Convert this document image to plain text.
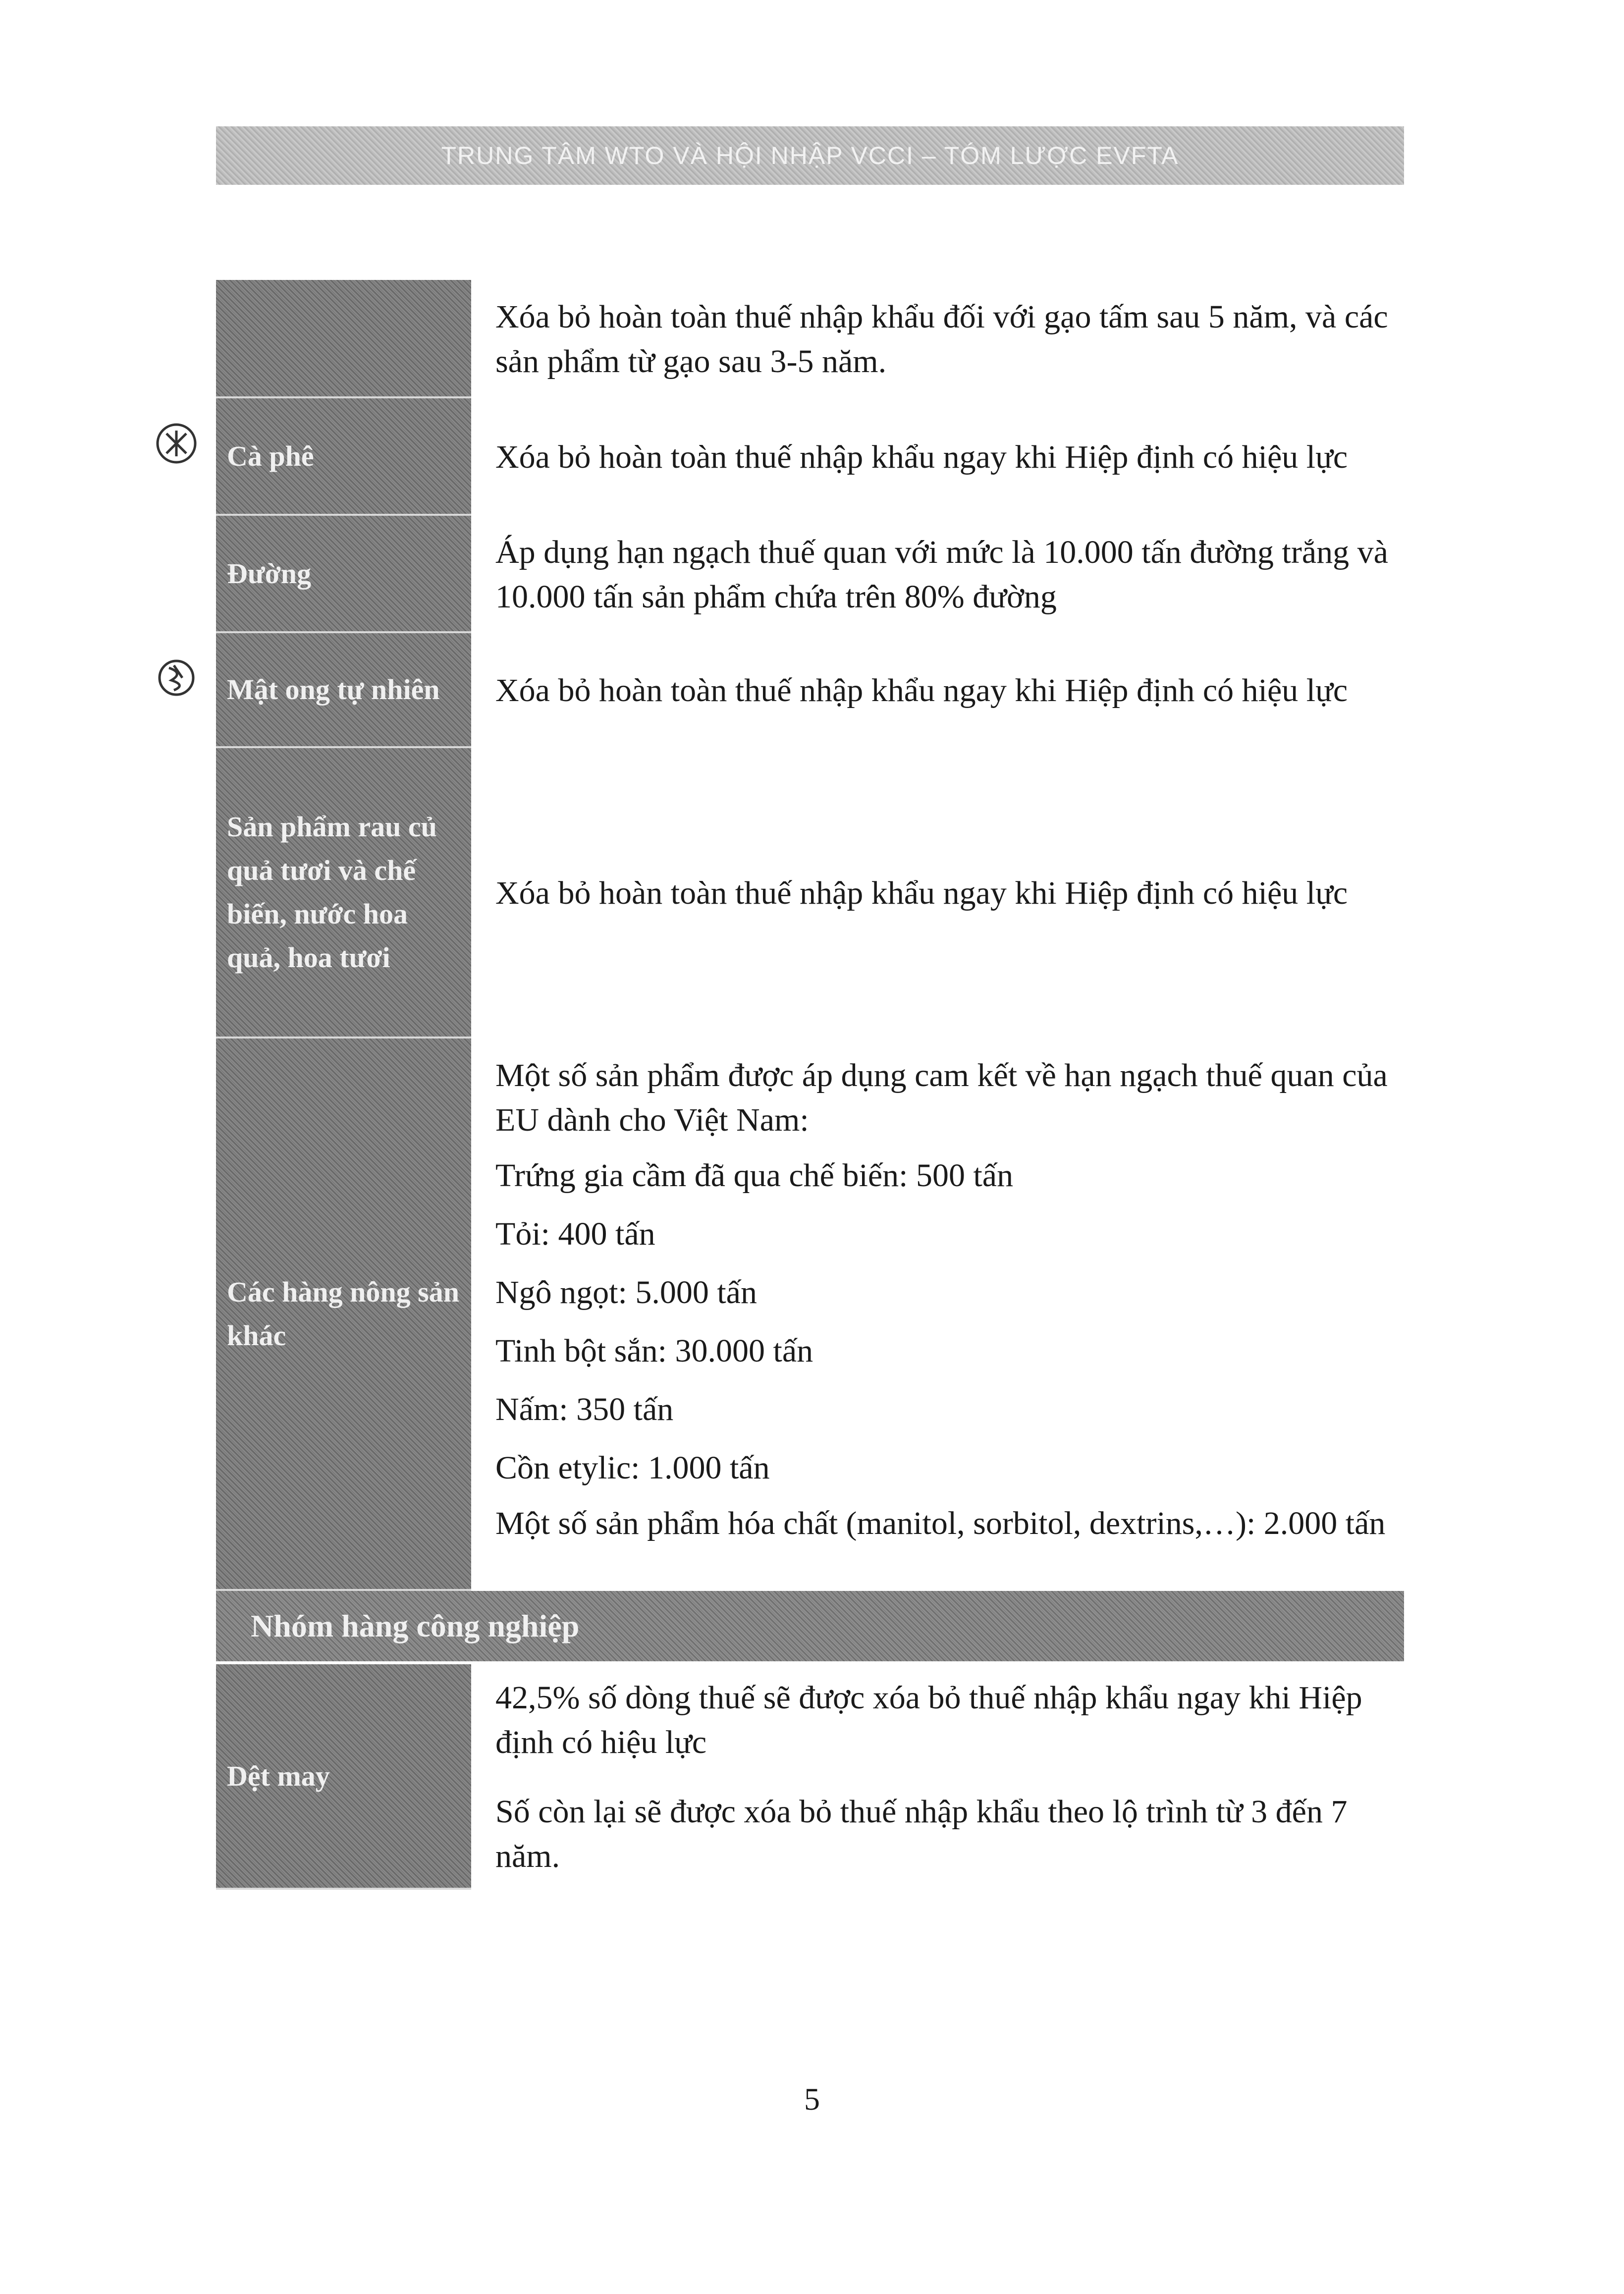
TRUNG TÂM WTO VÀ HỘI NHẬP VCCI – TÓM LƯỢC EVFTA

Xóa bỏ hoàn toàn thuế nhập khẩu đối với gạo tấm sau 5 năm, và các sản phẩm từ gạo sau 3-5 năm.

Cà phê	Xóa bỏ hoàn toàn thuế nhập khẩu ngay khi Hiệp định có hiệu lực

Đường

Áp dụng hạn ngạch thuế quan với mức là 10.000 tấn đường trắng và 10.000 tấn sản phẩm chứa trên 80% đường

Mật ong tự nhiên	Xóa bỏ hoàn toàn thuế nhập khẩu ngay khi Hiệp định có hiệu lực

Sản phẩm rau củ quả tươi và chế biến, nước hoa quả, hoa tươi

Xóa bỏ hoàn toàn thuế nhập khẩu ngay khi Hiệp định có hiệu lực

Các hàng nông sản khác

Một số sản phẩm được áp dụng cam kết về hạn ngạch thuế quan của EU dành cho Việt Nam:

Trứng gia cầm đã qua chế biến: 500 tấn

Tỏi: 400 tấn

Ngô ngọt: 5.000 tấn

Tinh bột sắn: 30.000 tấn

Nấm: 350 tấn

Cồn etylic: 1.000 tấn

Một số sản phẩm hóa chất (manitol, sorbitol, dextrins,…): 2.000 tấn

Nhóm hàng công nghiệp
Dệt may

42,5% số dòng thuế sẽ được xóa bỏ thuế nhập khẩu ngay khi Hiệp định có hiệu lực

Số còn lại sẽ được xóa bỏ thuế nhập khẩu theo lộ trình từ 3 đến 7 năm.

5
